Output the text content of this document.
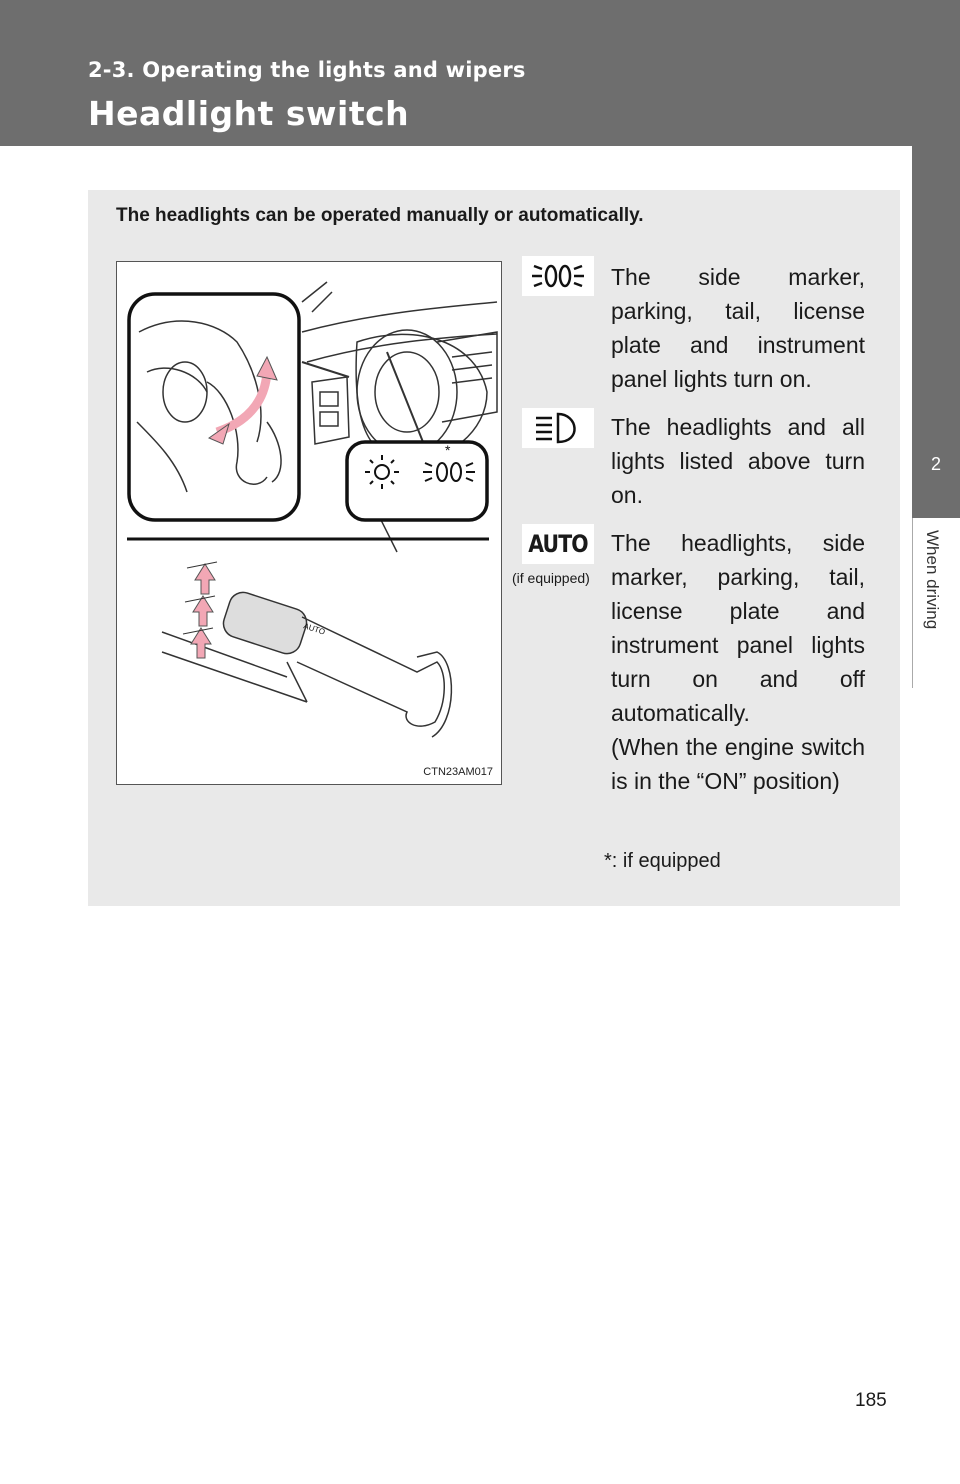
2-3. Operating the lights and wipers
Headlight switch
2
When driving
The headlights can be operated manually or automatically.
*
AUTO
CTN23AM017
The side marker, parking, tail, license plate and instrument panel lights turn on.
The headlights and all lights listed above turn on.
AUTO
(if equipped)
The headlights, side marker, parking, tail, license plate and instrument panel lights turn on and off automatically.
(When the engine switch is in the “ON” position)
*: if equipped
185
